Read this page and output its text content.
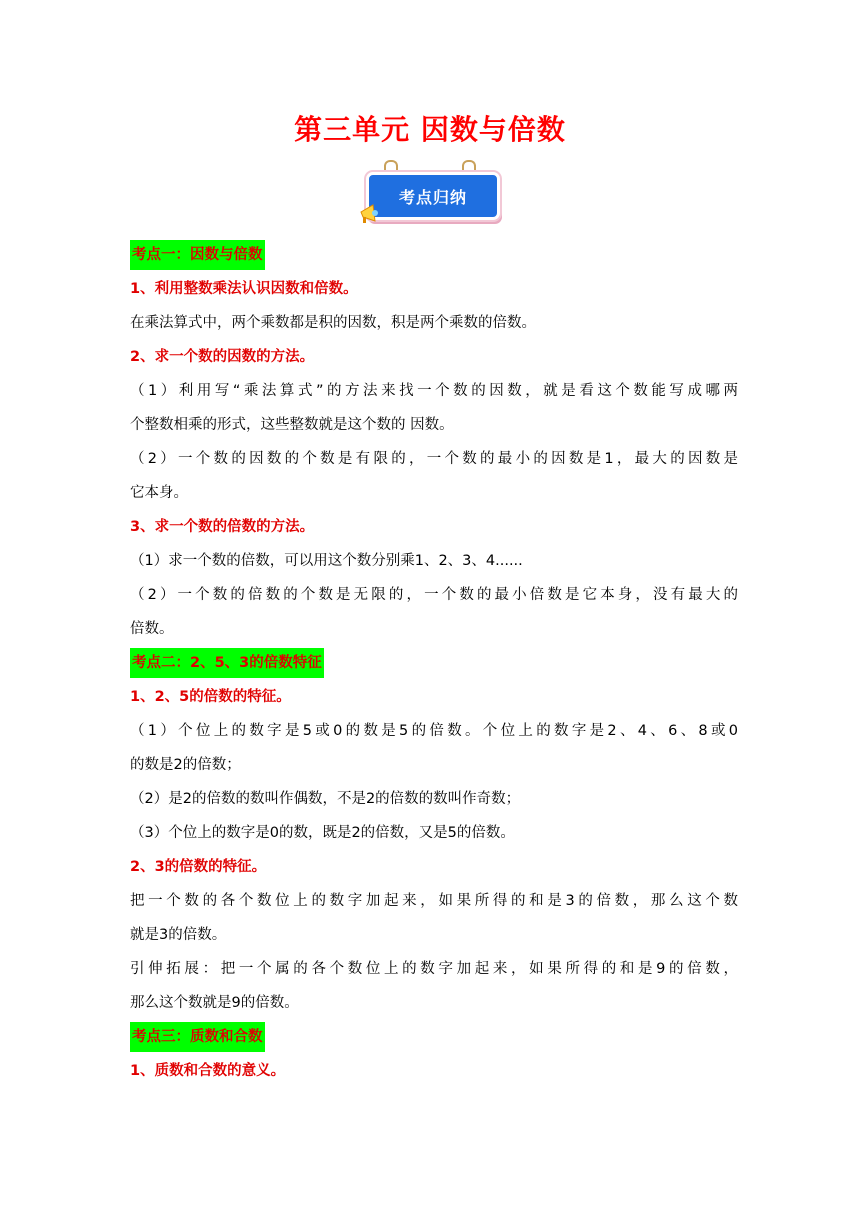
第三单元 因数与倍数
考点归纳
考点一：因数与倍数
1、利用整数乘法认识因数和倍数。
在乘法算式中，两个乘数都是积的因数，积是两个乘数的倍数。
2、求一个数的因数的方法。
（1）利用写“乘法算式”的方法来找一个数的因数，就是看这个数能写成哪两
个整数相乘的形式，这些整数就是这个数的 因数。
（2）一个数的因数的个数是有限的，一个数的最小的因数是1，最大的因数是
它本身。
3、求一个数的倍数的方法。
（1）求一个数的倍数，可以用这个数分别乘1、2、3、4......
（2）一个数的倍数的个数是无限的，一个数的最小倍数是它本身，没有最大的
倍数。
考点二：2、5、3的倍数特征
1、2、5的倍数的特征。
（1）个位上的数字是5或0的数是5的倍数。个位上的数字是2、4、6、8或0
的数是2的倍数；
（2）是2的倍数的数叫作偶数，不是2的倍数的数叫作奇数；
（3）个位上的数字是0的数，既是2的倍数，又是5的倍数。
2、3的倍数的特征。
把一个数的各个数位上的数字加起来，如果所得的和是3的倍数，那么这个数
就是3的倍数。
引伸拓展：把一个属的各个数位上的数字加起来，如果所得的和是9的倍数，
那么这个数就是9的倍数。
考点三：质数和合数
1、质数和合数的意义。
